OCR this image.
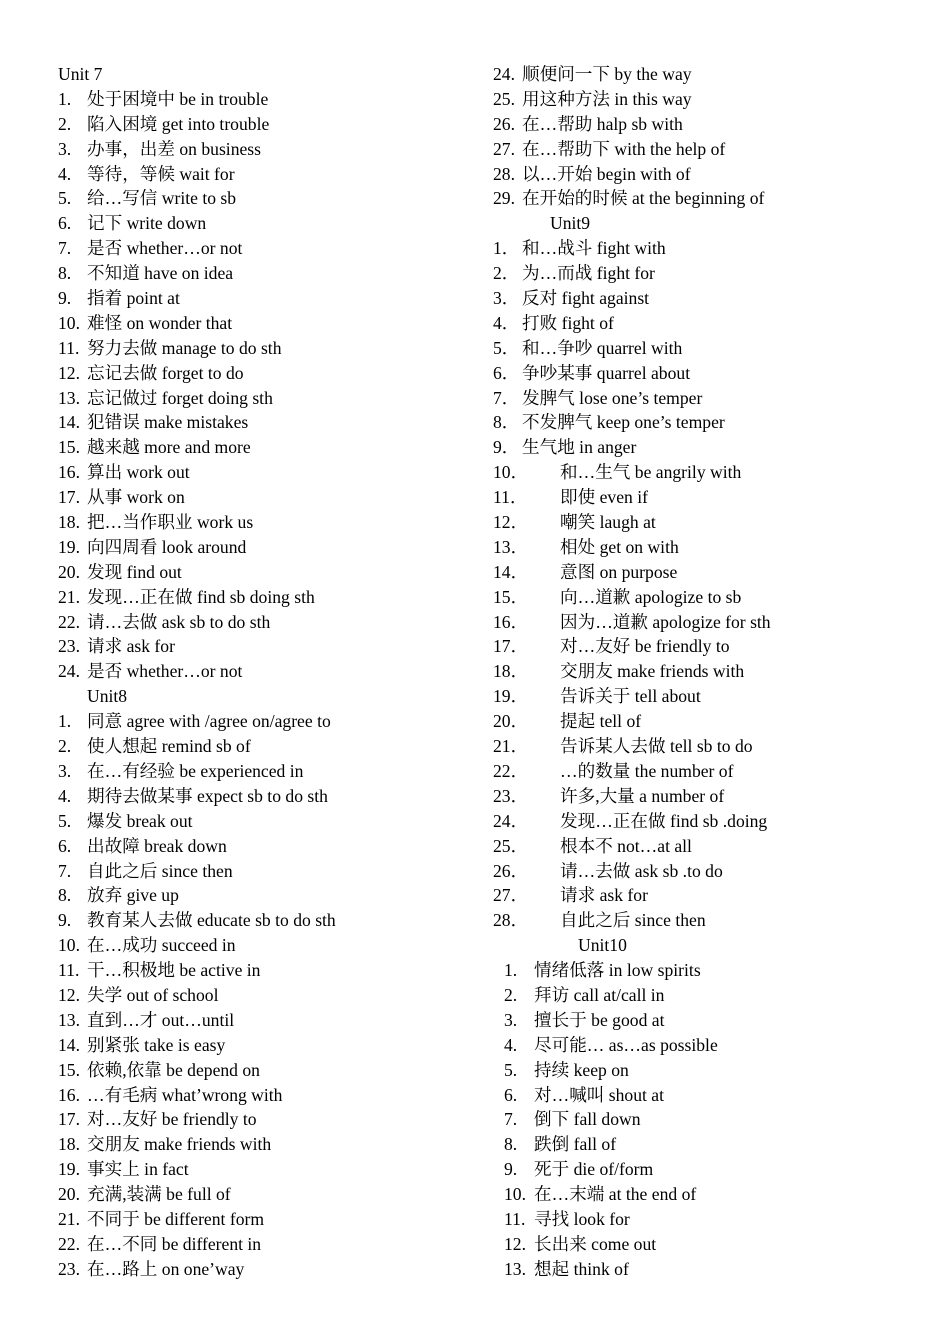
Unit 7
1. 处于困境中 be in trouble
2. 陷入困境 get into trouble
3. 办事，出差 on business
4. 等待，等候 wait for
5. 给…写信 write to sb
6. 记下 write down
7. 是否 whether…or not
8. 不知道 have on idea
9. 指着 point at
10. 难怪 on wonder that
11. 努力去做 manage to do sth
12. 忘记去做 forget to do
13. 忘记做过 forget doing sth
14. 犯错误 make mistakes
15. 越来越 more and more
16. 算出 work out
17. 从事 work on
18. 把…当作职业 work us
19. 向四周看 look around
20. 发现 find out
21. 发现…正在做 find sb doing sth
22. 请…去做 ask sb to do sth
23. 请求 ask for
24. 是否 whether…or not
Unit8
1. 同意 agree with /agree on/agree to
2. 使人想起 remind sb of
3. 在…有经验 be experienced in
4. 期待去做某事 expect sb to do sth
5. 爆发 break out
6. 出故障 break down
7. 自此之后 since then
8. 放弃 give up
9. 教育某人去做 educate sb to do sth
10. 在…成功 succeed in
11. 干…积极地 be active in
12. 失学 out of school
13. 直到…才 out…until
14. 别紧张 take is easy
15. 依赖,依靠 be depend on
16. …有毛病 what’wrong with
17. 对…友好 be friendly to
18. 交朋友 make friends with
19. 事实上 in fact
20. 充满,装满 be full of
21. 不同于 be different form
22. 在…不同 be different in
23. 在…路上 on one’way
24. 顺便问一下 by the way
25. 用这种方法 in this way
26. 在…帮助 halp sb with
27. 在…帮助下 with the help of
28. 以…开始 begin with of
29. 在开始的时候 at the beginning of
Unit9
1． 和…战斗 fight with
2． 为…而战 fight for
3． 反对 fight against
4． 打败 fight of
5． 和…争吵 quarrel with
6． 争吵某事 quarrel about
7． 发脾气 lose one’s temper
8． 不发脾气 keep one’s temper
9． 生气地 in anger
10． 和…生气 be angrily with
11． 即使 even if
12． 嘲笑 laugh at
13． 相处 get on with
14． 意图 on purpose
15． 向…道歉 apologize to sb
16． 因为…道歉 apologize for sth
17． 对…友好 be friendly to
18． 交朋友 make friends with
19． 告诉关于 tell about
20． 提起 tell of
21． 告诉某人去做 tell sb to do
22． …的数量 the number of
23． 许多,大量 a number of
24． 发现…正在做 find sb .doing
25． 根本不 not…at all
26． 请…去做 ask sb .to do
27． 请求 ask for
28． 自此之后 since then
Unit10
1. 情绪低落 in low spirits
2. 拜访 call at/call in
3. 擅长于 be good at
4. 尽可能… as…as possible
5. 持续 keep on
6. 对…喊叫 shout at
7. 倒下 fall down
8. 跌倒 fall of
9. 死于 die of/form
10. 在…末端 at the end of
11. 寻找 look for
12. 长出来 come out
13. 想起 think of
